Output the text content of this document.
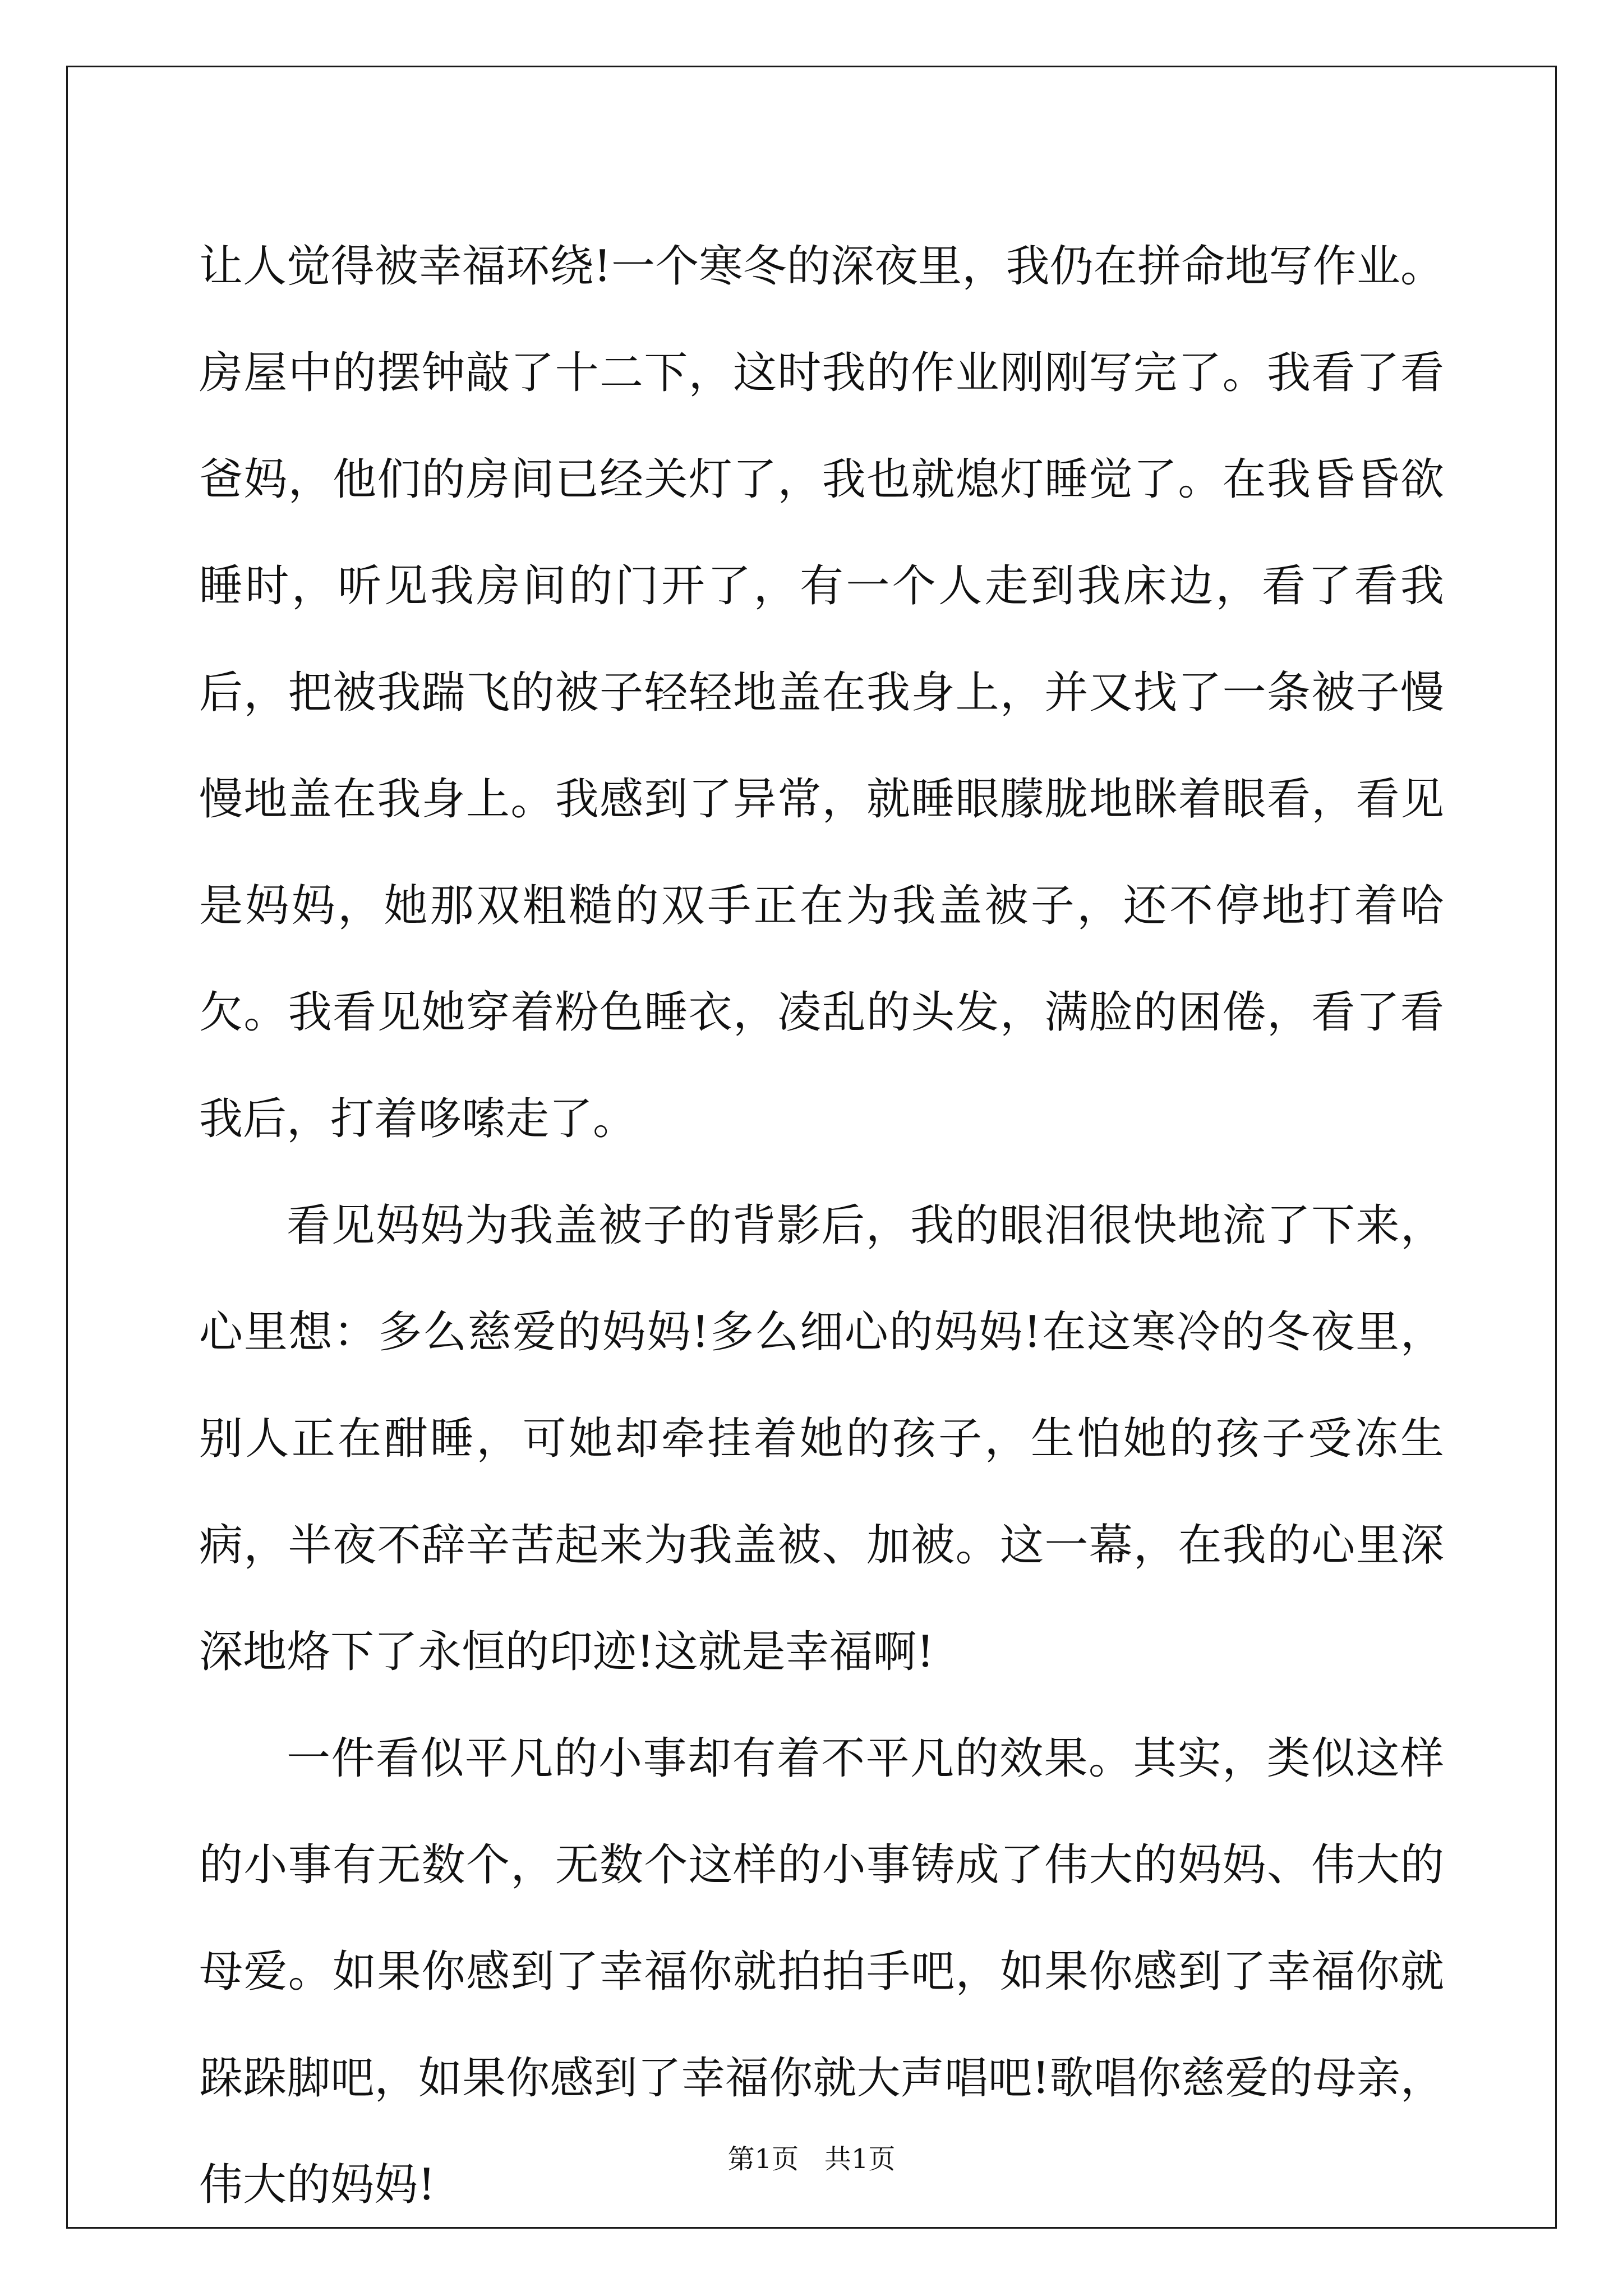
让人觉得被幸福环绕!一个寒冬的深夜里，我仍在拼命地写作业。房屋中的摆钟敲了十二下，这时我的作业刚刚写完了。我看了看爸妈，他们的房间已经关灯了，我也就熄灯睡觉了。在我昏昏欲睡时，听见我房间的门开了，有一个人走到我床边，看了看我后，把被我踹飞的被子轻轻地盖在我身上，并又找了一条被子慢慢地盖在我身上。我感到了异常，就睡眼朦胧地眯着眼看，看见是妈妈，她那双粗糙的双手正在为我盖被子，还不停地打着哈欠。我看见她穿着粉色睡衣，凌乱的头发，满脸的困倦，看了看我后，打着哆嗦走了。

看见妈妈为我盖被子的背影后，我的眼泪很快地流了下来，心里想：多么慈爱的妈妈!多么细心的妈妈!在这寒冷的冬夜里，别人正在酣睡，可她却牵挂着她的孩子，生怕她的孩子受冻生病，半夜不辞辛苦起来为我盖被、加被。这一幕，在我的心里深深地烙下了永恒的印迹!这就是幸福啊!

一件看似平凡的小事却有着不平凡的效果。其实，类似这样的小事有无数个，无数个这样的小事铸成了伟大的妈妈、伟大的母爱。如果你感到了幸福你就拍拍手吧，如果你感到了幸福你就跺跺脚吧，如果你感到了幸福你就大声唱吧!歌唱你慈爱的母亲，伟大的妈妈!

第1页   共1页
